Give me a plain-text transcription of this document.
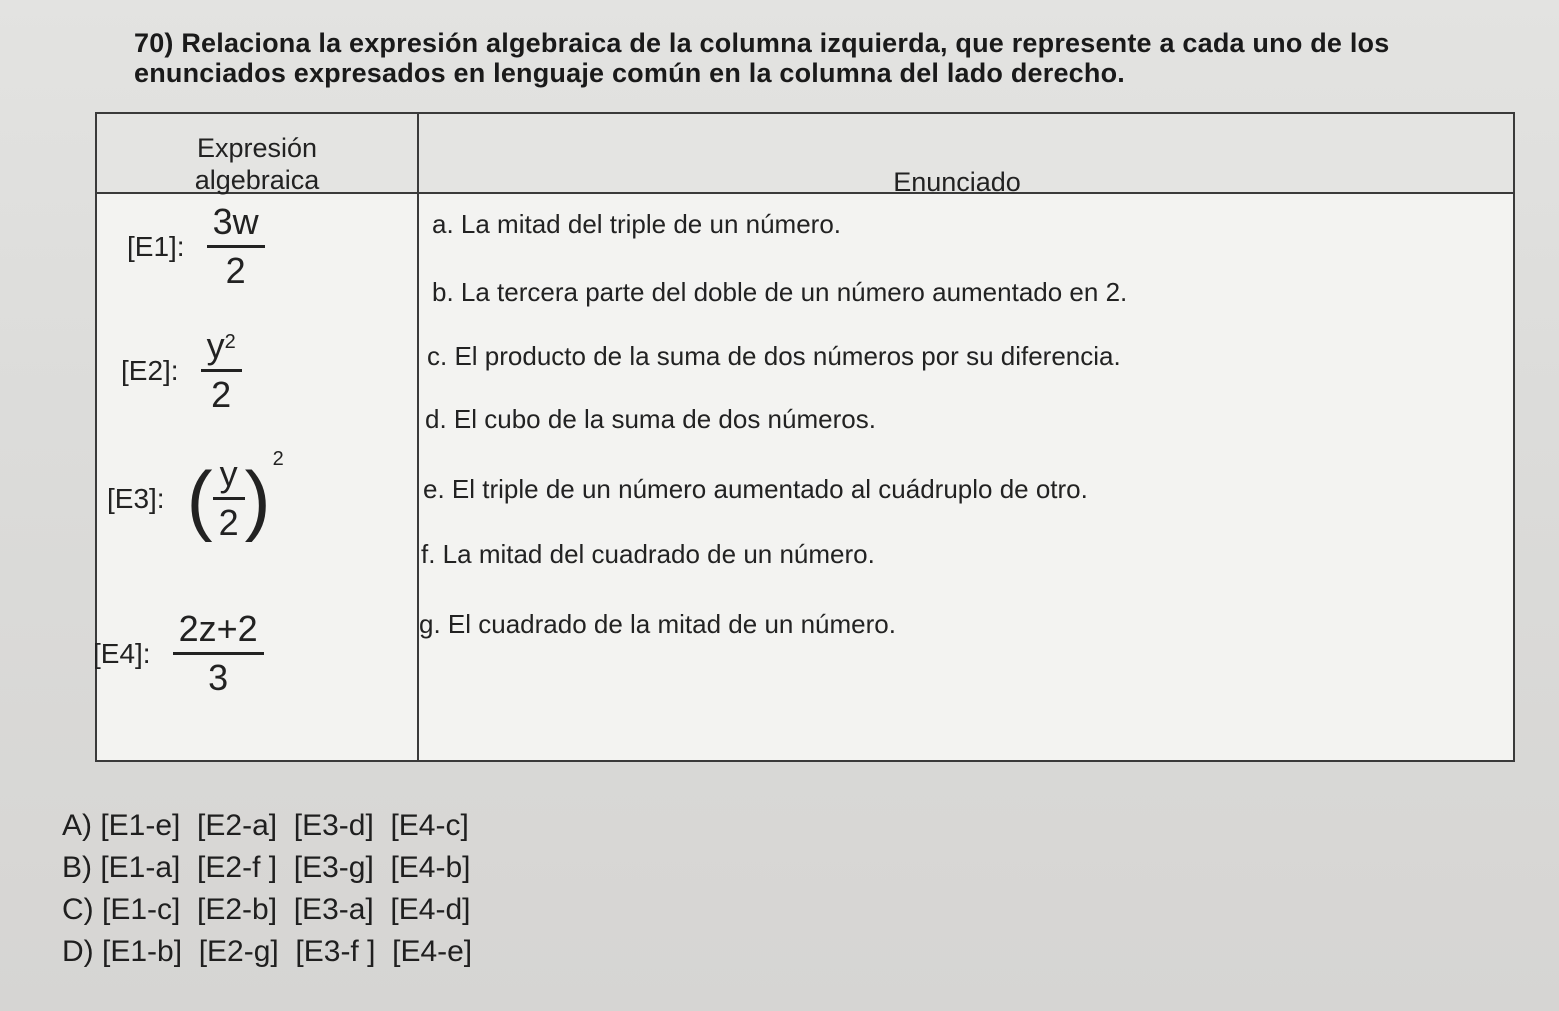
70) Relaciona la expresión algebraica de la columna izquierda, que represente a cada uno de los
enunciados expresados en lenguaje común en la columna del lado derecho.
Expresión
algebraica	Enunciado
[E1]: $\frac{3w}{2}$
[E2]: $\frac{y^2}{2}$
[E3]: ( $\frac{y}{2}$ ) 2
[E4]: $\frac{2z+2}{3}$
a. La mitad del triple de un número.
b. La tercera parte del doble de un número aumentado en 2.
c. El producto de la suma de dos números por su diferencia.
d. El cubo de la suma de dos números.
e. El triple de un número aumentado al cuádruplo de otro.
f. La mitad del cuadrado de un número.
g. El cuadrado de la mitad de un número.
A) [E1-e]  [E2-a]  [E3-d]  [E4-c]
B) [E1-a]  [E2-f ]  [E3-g]  [E4-b]
C) [E1-c]  [E2-b]  [E3-a]  [E4-d]
D) [E1-b]  [E2-g]  [E3-f ]  [E4-e]
